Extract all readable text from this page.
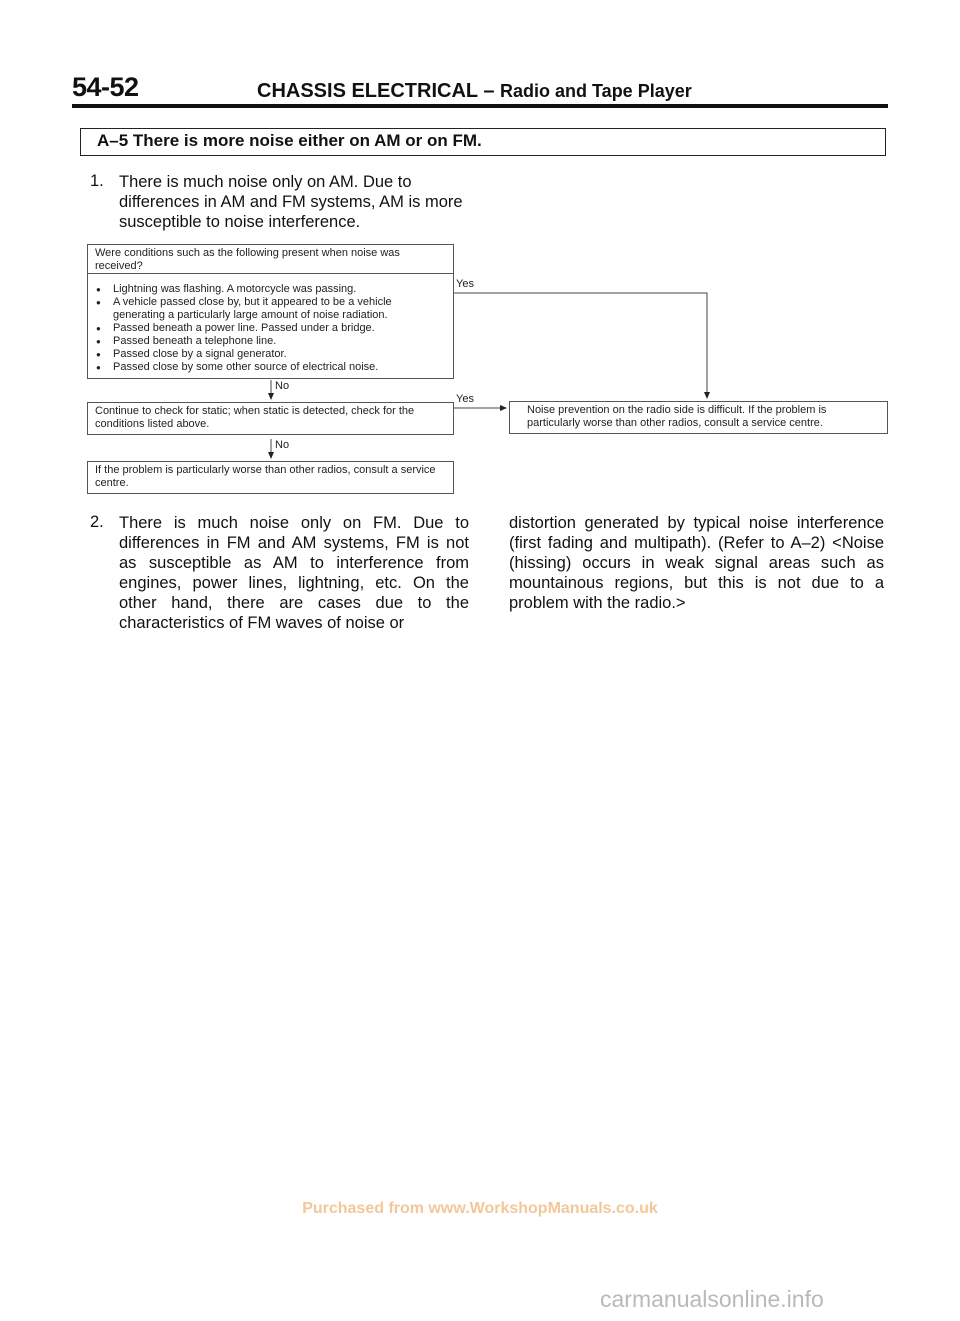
54-52	CHASSIS ELECTRICAL – Radio and Tape Player
A–5 There is more noise either on AM or on FM.
1. There is much noise only on AM. Due to differences in AM and FM systems, AM is more susceptible to noise interference.
Were conditions such as the following present when noise was received?
● Lightning was flashing. A motorcycle was passing.
● A vehicle passed close by, but it appeared to be a vehicle generating a particularly large amount of noise radiation.
● Passed beneath a power line. Passed under a bridge.
● Passed beneath a telephone line.
● Passed close by a signal generator.
● Passed close by some other source of electrical noise.
Continue to check for static; when static is detected, check for the conditions listed above.
If the problem is particularly worse than other radios, consult a service centre.
Noise prevention on the radio side is difficult. If the problem is particularly worse than other radios, consult a service centre.
Yes
No
Yes
No
2. There is much noise only on FM. Due to differences in FM and AM systems, FM is not as susceptible as AM to interference from engines, power lines, lightning, etc. On the other hand, there are cases due to the characteristics of FM waves of noise or
distortion generated by typical noise interference (first fading and multipath). (Refer to A–2) <Noise (hissing) occurs in weak signal areas such as mountainous regions, but this is not due to a problem with the radio.>
Purchased from www.WorkshopManuals.co.uk
carmanualsonline.info
